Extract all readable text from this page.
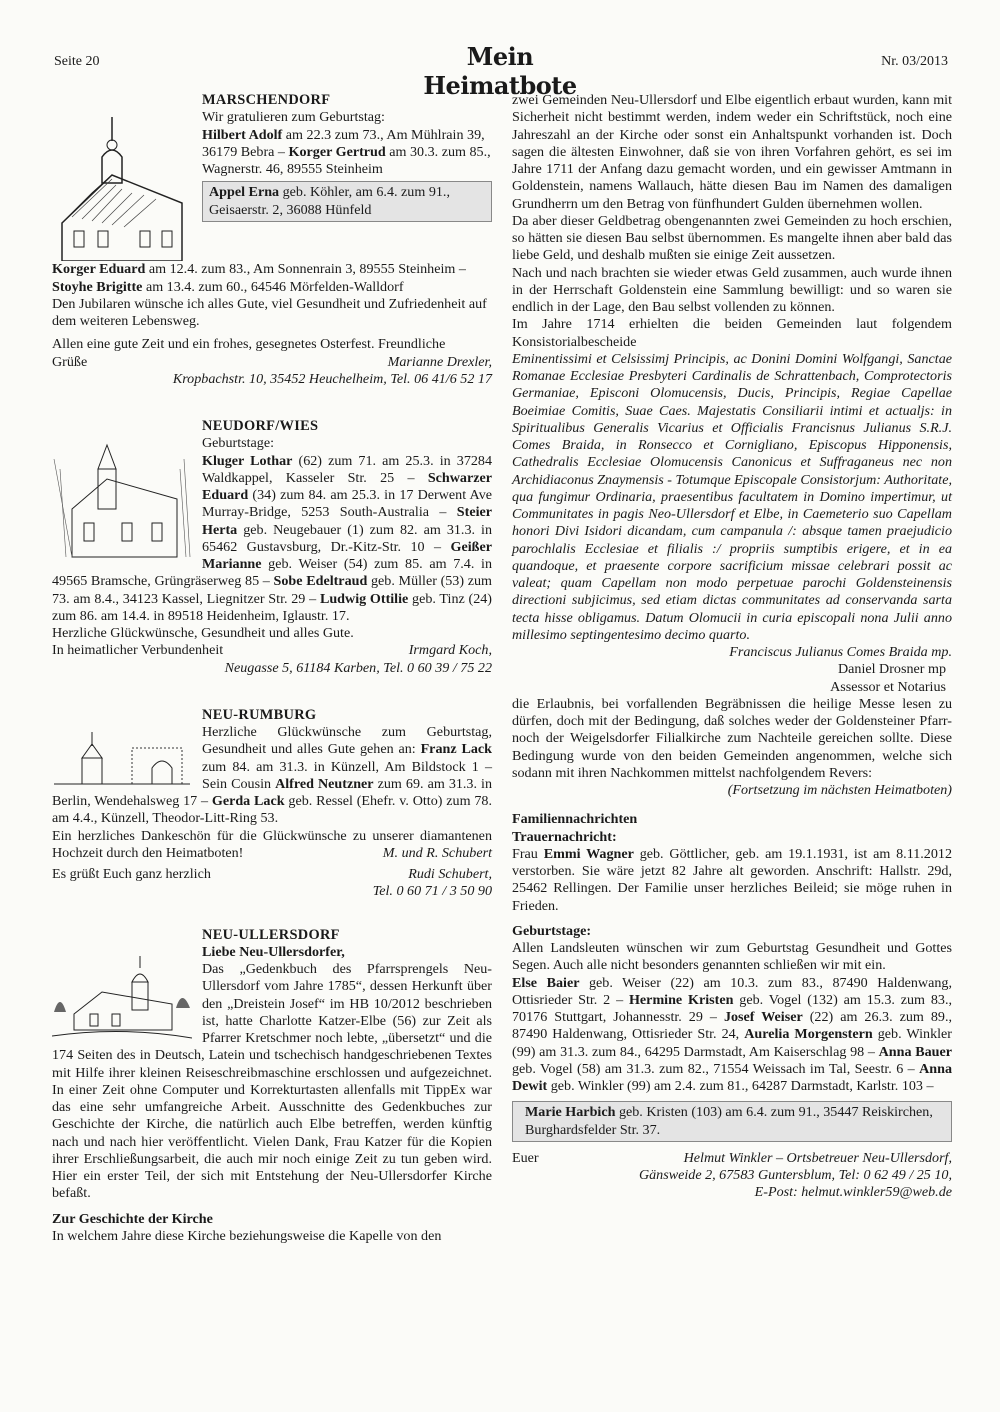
Seite 20	Mein Heimatbote
Nr. 03/2013
MARSCHENDORF
Wir gratulieren zum Geburtstag:

Hilbert Adolf am 22.3 zum 73., Am Mühlrain 39, 36179 Bebra – Korger Gertrud am 30.3. zum 85., Wagnerstr. 46, 89555 Steinheim

Appel Erna geb. Köhler, am 6.4. zum 91., Geisaerstr. 2, 36088 Hünfeld

Korger Eduard am 12.4. zum 83., Am Sonnenrain 3, 89555 Steinheim – Stoyhe Brigitte am 13.4. zum 60., 64546 Mörfelden-Walldorf

Den Jubilaren wünsche ich alles Gute, viel Gesundheit und Zufriedenheit auf dem weiteren Lebensweg.

Allen eine gute Zeit und ein frohes, gesegnetes Osterfest. Freundliche

Grüße	Marianne Drexler,

Kropbachstr. 10, 35452 Heuchelheim, Tel. 06 41/6 52 17

NEUDORF/WIES
Geburtstage:

Kluger Lothar (62) zum 71. am 25.3. in 37284 Waldkappel, Kasseler Str. 25 – Schwarzer Eduard (34) zum 84. am 25.3. in 17 Derwent Ave Murray-Bridge, 5253 South-Australia – Steier Herta geb. Neugebauer (1) zum 82. am 31.3. in 65462 Gustavsburg, Dr.-Kitz-Str. 10 – Geißer Marianne geb. Weiser (54) zum 85. am 7.4. in 49565 Bramsche, Grüngräserweg 85 – Sobe Edeltraud geb. Müller (53) zum 73. am 8.4., 34123 Kassel, Liegnitzer Str. 29 – Ludwig Ottilie geb. Tinz (24) zum 86. am 14.4. in 89518 Heidenheim, Iglaustr. 17.

Herzliche Glückwünsche, Gesundheit und alles Gute.

In heimatlicher Verbundenheit	Irmgard Koch,

Neugasse 5, 61184 Karben, Tel. 0 60 39 / 75 22

NEU-RUMBURG

Herzliche Glückwünsche zum Geburtstag, Gesundheit und alles Gute gehen an: Franz Lack zum 84. am 31.3. in Künzell, Am Bildstock 1 – Sein Cousin Alfred Neutzner zum 69. am 31.3. in Berlin, Wendehalsweg 17 – Gerda Lack geb. Ressel (Ehefr. v. Otto) zum 78. am 4.4., Künzell, Theodor-Litt-Ring 53.

Ein herzliches Dankeschön für die Glückwünsche zu unserer diamantenen Hochzeit durch den Heimatboten!	M. und R. Schubert

Es grüßt Euch ganz herzlich	Rudi Schubert,

Tel. 0 60 71 / 3 50 90

NEU-ULLERSDORF
Liebe Neu-Ullersdorfer,

Das „Gedenkbuch des Pfarrsprengels Neu-Ullersdorf vom Jahre 1785“, dessen Herkunft über den „Dreistein Josef“ im HB 10/2012 beschrieben ist, hatte Charlotte Katzer-Elbe (56) zur Zeit als Pfarrer Kretschmer noch lebte, „übersetzt“ und die 174 Seiten des in Deutsch, Latein und tschechisch handgeschriebenen Textes mit Hilfe ihrer kleinen Reiseschreibmaschine erschlossen und aufgezeichnet. In einer Zeit ohne Computer und Korrekturtasten allenfalls mit TippEx war das eine sehr umfangreiche Arbeit. Ausschnitte des Gedenkbuches zur Geschichte der Kirche, die natürlich auch Elbe betreffen, werden künftig nach und nach hier veröffentlicht. Vielen Dank, Frau Katzer für die Kopien ihrer Erschließungsarbeit, die auch mir noch einige Zeit zu tun geben wird. Hier ein erster Teil, der sich mit Entstehung der Neu-Ullersdorfer Kirche befaßt.

Zur Geschichte der Kirche

In welchem Jahre diese Kirche beziehungsweise die Kapelle von den

zwei Gemeinden Neu-Ullersdorf und Elbe eigentlich erbaut wurden, kann mit Sicherheit nicht bestimmt werden, indem weder ein Schriftstück, noch eine Jahreszahl an der Kirche oder sonst ein Anhaltspunkt vorhanden ist. Doch sagen die ältesten Einwohner, daß sie von ihren Vorfahren gehört, es sei im Jahre 1711 der Anfang dazu gemacht worden, und ein gewisser Amtmann in Goldenstein, namens Wallauch, hätte diesen Bau im Namen des damaligen Grundherrn um den Betrag von fünfhundert Gulden übernehmen wollen.

Da aber dieser Geldbetrag obengenannten zwei Gemeinden zu hoch erschien, so hätten sie diesen Bau selbst übernommen. Es mangelte ihnen aber bald das liebe Geld, und deshalb mußten sie einige Zeit aussetzen.

Nach und nach brachten sie wieder etwas Geld zusammen, auch wurde ihnen in der Herrschaft Goldenstein eine Sammlung bewilligt: und so waren sie endlich in der Lage, den Bau selbst vollenden zu können.

Im Jahre 1714 erhielten die beiden Gemeinden laut folgendem Konsistorialbescheide

Eminentissimi et Celsissimj Principis, ac Donini Domini Wolfgangi, Sanctae Romanae Ecclesiae Presbyteri Cardinalis de Schrattenbach, Comprotectoris Germaniae, Episconi Olomucensis, Ducis, Principis, Regiae Capellae Boeimiae Comitis, Suae Caes. Majestatis Consiliarii intimi et actualjs: in Spiritualibus Generalis Vicarius et Officialis Francisnus Julianus S.R.J. Comes Braida, in Ronsecco et Cornigliano, Episcopus Hipponensis, Cathedralis Ecclesiae Olomucensis Canonicus et Suffraganeus nec non Archidiaconus Znaymensis - Totumque Episcopale Consistorjum: Authoritate, qua fungimur Ordinaria, praesentibus facultatem in Domino impertimur, ut Communitates in pagis Neo-Ullersdorf et Elbe, in Caemeterio suo Capellam honori Divi Isidori dicandam, cum campanula /: absque tamen praejudicio parochlalis Ecclesiae et filialis :/ propriis sumptibis erigere, et in ea quandoque, et praesente corpore sacrificium missae celebrari possit ac valeat; quam Capellam non modo perpetuae parochi Goldensteinensis directioni subjicimus, sed etiam dictas communitates ad conservanda sarta tecta hisse obligamus. Datum Olomucii in curia episcopali nona Julii anno millesimo septingentesimo decimo quarto.
Franciscus Julianus Comes Braida mp.

Daniel Drosner mp

Assessor et Notarius

die Erlaubnis, bei vorfallenden Begräbnissen die heilige Messe lesen zu dürfen, doch mit der Bedingung, daß solches weder der Goldensteiner Pfarr- noch der Weigelsdorfer Filialkirche zum Nachteile gereichen sollte. Diese Bedingung wurde von den beiden Gemeinden angenommen, welche sich sodann mit ihren Nachkommen mittelst nachfolgendem Revers:

(Fortsetzung im nächsten Heimatboten)

Familiennachrichten

Trauernachricht:

Frau Emmi Wagner geb. Göttlicher, geb. am 19.1.1931, ist am 8.11.2012 verstorben. Sie wäre jetzt 82 Jahre alt geworden. Anschrift: Hallstr. 29d, 25462 Rellingen. Der Familie unser herzliches Beileid; sie möge ruhen in Frieden.

Geburtstage:

Allen Landsleuten wünschen wir zum Geburtstag Gesundheit und Gottes Segen. Auch alle nicht besonders genannten schließen wir mit ein.

Else Baier geb. Weiser (22) am 10.3. zum 83., 87490 Haldenwang, Ottisrieder Str. 2 – Hermine Kristen geb. Vogel (132) am 15.3. zum 83., 70176 Stuttgart, Johannesstr. 29 – Josef Weiser (22) am 26.3. zum 89., 87490 Haldenwang, Ottisrieder Str. 24, Aurelia Morgenstern geb. Winkler (99) am 31.3. zum 84., 64295 Darmstadt, Am Kaiserschlag 98 – Anna Bauer geb. Vogel (58) am 31.3. zum 82., 71554 Weissach im Tal, Seestr. 6 – Anna Dewit geb. Winkler (99) am 2.4. zum 81., 64287 Darmstadt, Karlstr. 103 –

Marie Harbich geb. Kristen (103) am 6.4. zum 91., 35447 Reiskirchen, Burghardsfelder Str. 37.

Euer	Helmut Winkler – Ortsbetreuer Neu-Ullersdorf,

Gänsweide 2, 67583 Guntersblum, Tel: 0 62 49 / 25 10,

E-Post: helmut.winkler59@web.de
